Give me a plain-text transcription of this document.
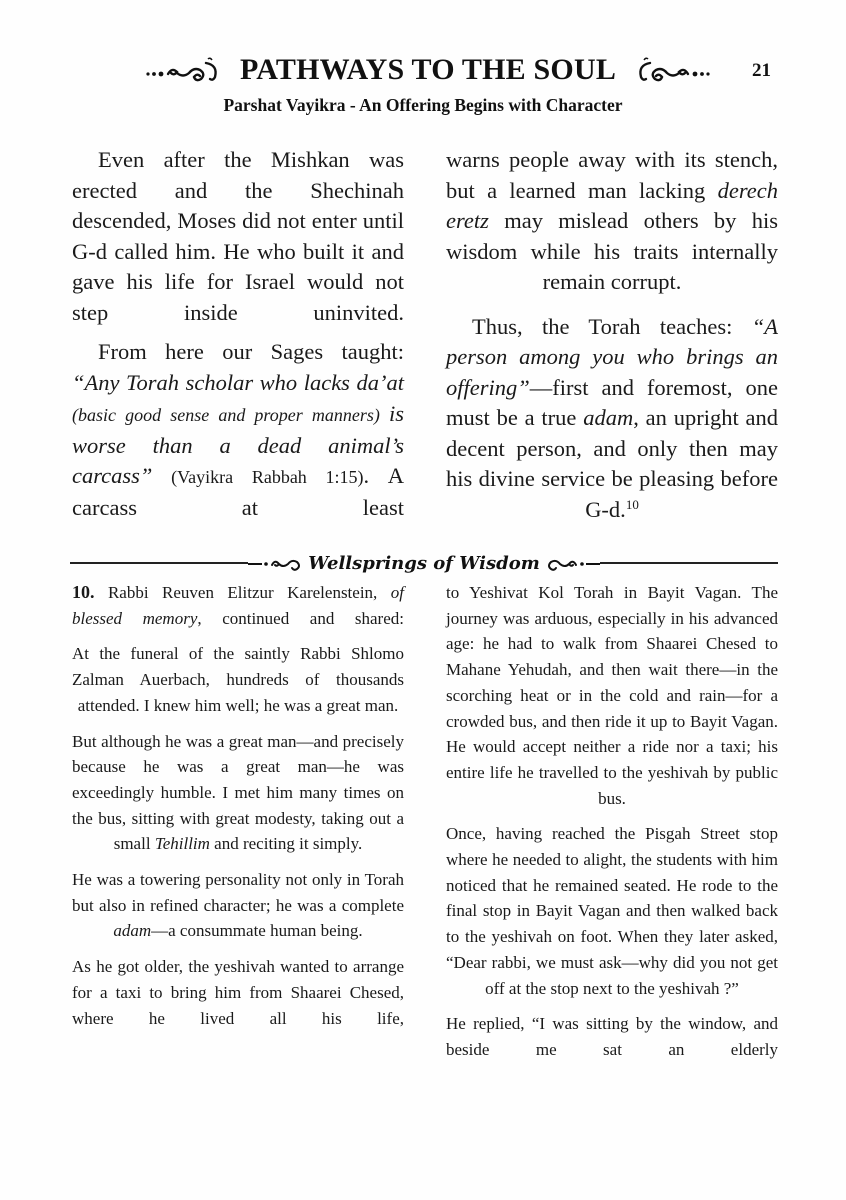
PATHWAYS TO THE SOUL	21
Parshat Vayikra - An Offering Begins with Character

Even after the Mishkan was erected and the Shechinah descended, Moses did not enter until G-d called him. He who built it and gave his life for Israel would not step inside uninvited.

From here our Sages taught: “Any Torah scholar who lacks da’at (basic good sense and proper manners) is worse than a dead animal’s carcass” (Vayikra Rabbah 1:15). A carcass at least

warns people away with its stench, but a learned man lacking derech eretz may mislead others by his wisdom while his traits internally remain corrupt.

Thus, the Torah teaches: “A person among you who brings an offering”—first and foremost, one must be a true adam, an upright and decent person, and only then may his divine service be pleasing before G-d.$^{10}$

Wellsprings of Wisdom

10. Rabbi Reuven Elitzur Karelenstein, of blessed memory, continued and shared:

At the funeral of the saintly Rabbi Shlomo Zalman Auerbach, hundreds of thousands attended. I knew him well; he was a great man.

But although he was a great man—and precisely because he was a great man—he was exceedingly humble. I met him many times on the bus, sitting with great modesty, taking out a small Tehillim and reciting it simply.

He was a towering personality not only in Torah but also in refined character; he was a complete adam—a consummate human being.

As he got older, the yeshivah wanted to arrange for a taxi to bring him from Shaarei Chesed, where he lived all his life,

to Yeshivat Kol Torah in Bayit Vagan. The journey was arduous, especially in his advanced age: he had to walk from Shaarei Chesed to Mahane Yehudah, and then wait there—in the scorching heat or in the cold and rain—for a crowded bus, and then ride it up to Bayit Vagan. He would accept neither a ride nor a taxi; his entire life he travelled to the yeshivah by public bus.

Once, having reached the Pisgah Street stop where he needed to alight, the students with him noticed that he remained seated. He rode to the final stop in Bayit Vagan and then walked back to the yeshivah on foot. When they later asked, “Dear rabbi, we must ask—why did you not get off at the stop next to the yeshivah ?”

He replied, “I was sitting by the window, and beside me sat an elderly
